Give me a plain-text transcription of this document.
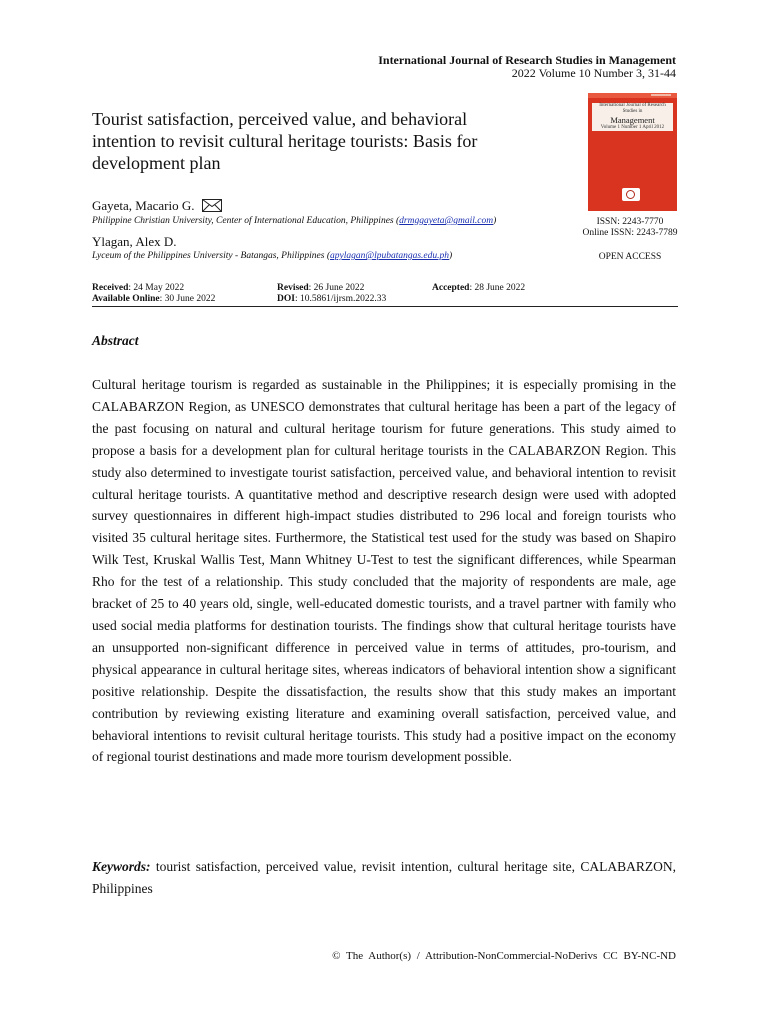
International Journal of Research Studies in Management
2022 Volume 10 Number 3, 31-44
Tourist satisfaction, perceived value, and behavioral intention to revisit cultural heritage tourists: Basis for development plan
Gayeta, Macario G.
Philippine Christian University, Center of International Education, Philippines (drmggayeta@gmail.com)
Ylagan, Alex D.
Lyceum of the Philippines University - Batangas, Philippines (apylagan@lpubatangas.edu.ph)
International Journal of Research Studies in
Management
Volume 1 Number 1 April 2012
ISSN: 2243-7770
Online ISSN: 2243-7789
OPEN ACCESS
Received: 24 May 2022	Revised: 26 June 2022	Accepted: 28 June 2022
Available Online: 30 June 2022	DOI: 10.5861/ijrsm.2022.33
Abstract
Cultural heritage tourism is regarded as sustainable in the Philippines; it is especially promising in the CALABARZON Region, as UNESCO demonstrates that cultural heritage has been a part of the legacy of the past focusing on natural and cultural heritage tourism for future generations. This study aimed to propose a basis for a development plan for cultural heritage tourists in the CALABARZON Region. This study also determined to investigate tourist satisfaction, perceived value, and behavioral intention to revisit cultural heritage tourists. A quantitative method and descriptive research design were used with adopted survey questionnaires in different high-impact studies distributed to 296 local and foreign tourists who visited 35 cultural heritage sites. Furthermore, the Statistical test used for the study was based on Shapiro Wilk Test, Kruskal Wallis Test, Mann Whitney U-Test to test the significant differences, while Spearman Rho for the test of a relationship. This study concluded that the majority of respondents are male, age bracket of 25 to 40 years old, single, well-educated domestic tourists, and a travel partner with family who used social media platforms for destination tourists. The findings show that cultural heritage tourists have an unsupported non-significant difference in perceived value in terms of attitudes, pro-tourism, and physical appearance in cultural heritage sites, whereas indicators of behavioral intention show a significant positive relationship. Despite the dissatisfaction, the results show that this study makes an important contribution by reviewing existing literature and examining overall satisfaction, perceived value, and behavioral intentions to revisit cultural heritage tourists. This study had a positive impact on the economy of regional tourist destinations and made more tourism development possible.
Keywords: tourist satisfaction, perceived value, revisit intention, cultural heritage site, CALABARZON, Philippines
© The Author(s) / Attribution-NonCommercial-NoDerivs CC BY-NC-ND
